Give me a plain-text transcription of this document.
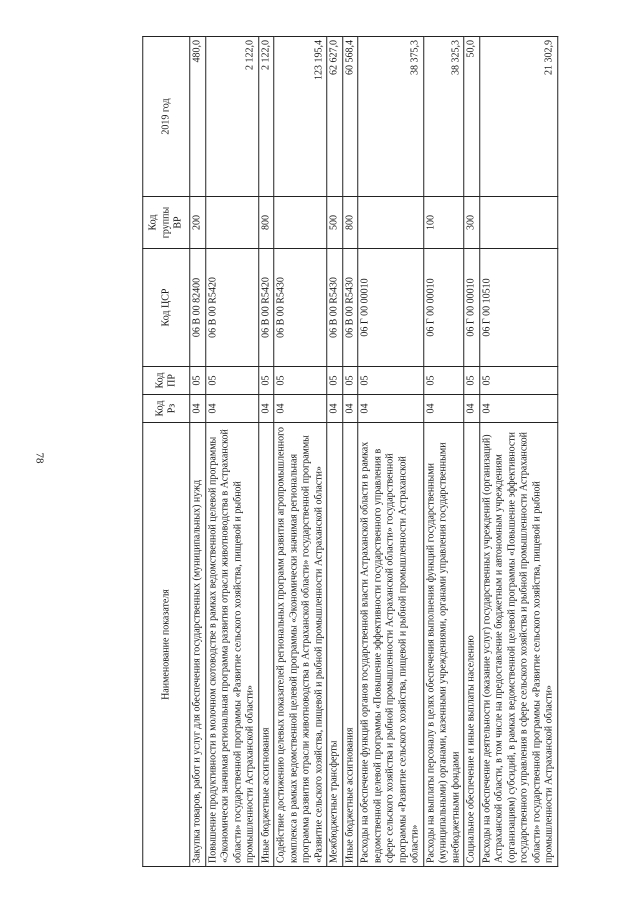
78
Наименование показателя	Код Рз	Код ПР	Код ЦСР	Код группы ВР	2019 год
Закупка товаров, работ и услуг для обеспечения государственных (муниципальных) нужд	04	05	06 В 00 82400	200	480,0
Повышение продуктивности в молочном скотоводстве в рамках ведомственной целевой программы «Экономически значимая региональная программа развития отрасли животноводства в Астраханской области» государственной программы «Развитие сельского хозяйства, пищевой и рыбной промышленности Астраханской области»	04	05	06 В 00 R5420		2 122,0
Иные бюджетные ассигнования	04	05	06 В 00 R5420	800	2 122,0
Содействие достижению целевых показателей региональных программ развития агропромышленного комплекса в рамках ведомственной целевой программы «Экономически значимая региональная программа развития отрасли животноводства в Астраханской области» государственной программы «Развитие сельского хозяйства, пищевой и рыбной промышленности Астраханской области»	04	05	06 В 00 R5430		123 195,4
Межбюджетные трансферты	04	05	06 В 00 R5430	500	62 627,0
Иные бюджетные ассигнования	04	05	06 В 00 R5430	800	60 568,4
Расходы на обеспечение функций органов государственной власти Астраханской области в рамках ведомственной целевой программы «Повышение эффективности государственного управления в сфере сельского хозяйства и рыбной промышленности Астраханской области» государственной программы «Развитие сельского хозяйства, пищевой и рыбной промышленности Астраханской области»	04	05	06 Г 00 00010		38 375,3
Расходы на выплаты персоналу в целях обеспечения выполнения функций государственными (муниципальными) органами, казенными учреждениями, органами управления государственными внебюджетными фондами	04	05	06 Г 00 00010	100	38 325,3
Социальное обеспечение и иные выплаты населению	04	05	06 Г 00 00010	300	50,0
Расходы на обеспечение деятельности (оказание услуг) государственных учреждений (организаций) Астраханской области, в том числе на предоставление бюджетным и автономным учреждениям (организациям) субсидий, в рамках ведомственной целевой программы «Повышение эффективности государственного управления в сфере сельского хозяйства и рыбной промышленности Астраханской области» государственной программы «Развитие сельского хозяйства, пищевой и рыбной промышленности Астраханской области»	04	05	06 Г 00 10510		21 302,9
